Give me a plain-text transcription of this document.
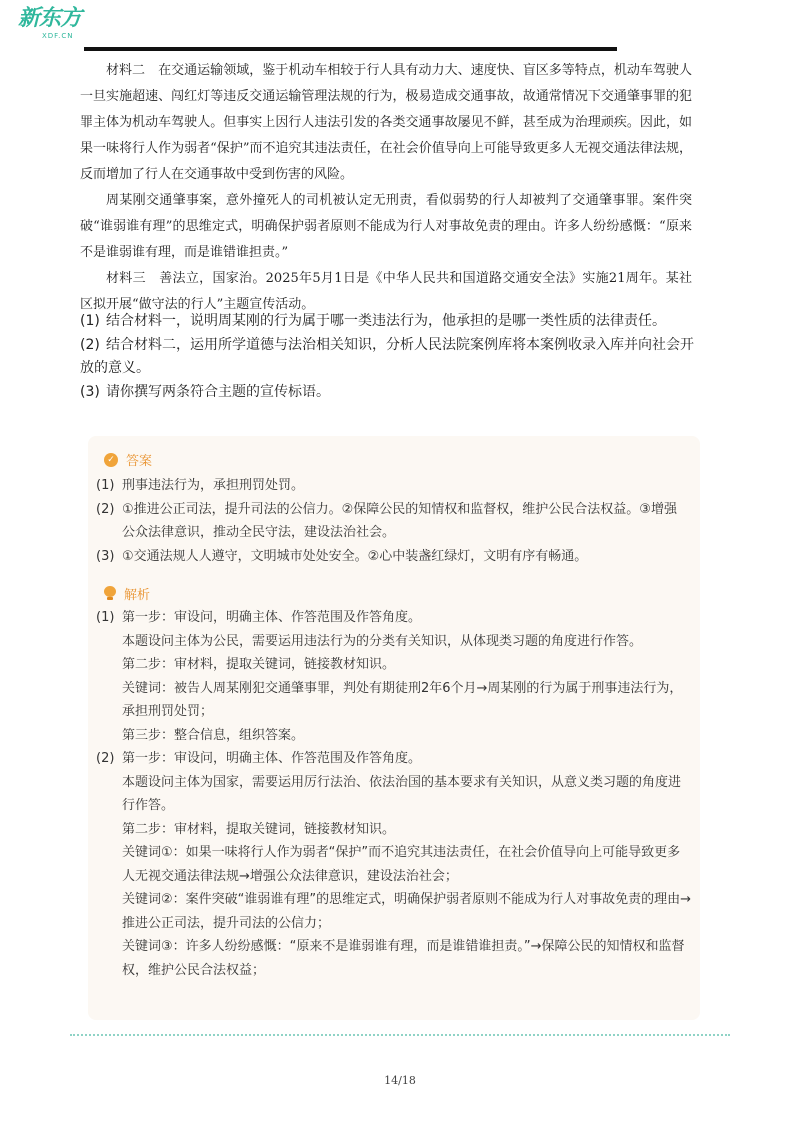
新东方
XDF.CN

材料二　在交通运输领域，鉴于机动车相较于行人具有动力大、速度快、盲区多等特点，机动车驾驶人一旦实施超速、闯红灯等违反交通运输管理法规的行为，极易造成交通事故，故通常情况下交通肇事罪的犯罪主体为机动车驾驶人。但事实上因行人违法引发的各类交通事故屡见不鲜，甚至成为治理顽疾。因此，如果一味将行人作为弱者“保护”而不追究其违法责任，在社会价值导向上可能导致更多人无视交通法律法规，反而增加了行人在交通事故中受到伤害的风险。

周某刚交通肇事案，意外撞死人的司机被认定无刑责，看似弱势的行人却被判了交通肇事罪。案件突破“谁弱谁有理”的思维定式，明确保护弱者原则不能成为行人对事故免责的理由。许多人纷纷感慨：“原来不是谁弱谁有理，而是谁错谁担责。”

材料三　善法立，国家治。2025年5月1日是《中华人民共和国道路交通安全法》实施21周年。某社区拟开展“做守法的行人”主题宣传活动。

(1) 结合材料一，说明周某刚的行为属于哪一类违法行为，他承担的是哪一类性质的法律责任。

(2) 结合材料二，运用所学道德与法治相关知识，分析人民法院案例库将本案例收录入库并向社会开放的意义。

(3) 请你撰写两条符合主题的宣传标语。

✓ 答案
(1) 刑事违法行为，承担刑罚处罚。
(2) ①推进公正司法，提升司法的公信力。②保障公民的知情权和监督权，维护公民合法权益。③增强公众法律意识，推动全民守法，建设法治社会。
(3) ①交通法规人人遵守，文明城市处处安全。②心中装盏红绿灯，文明有序有畅通。
解析
(1) 第一步：审设问，明确主体、作答范围及作答角度。

本题设问主体为公民，需要运用违法行为的分类有关知识，从体现类习题的角度进行作答。

第二步：审材料，提取关键词，链接教材知识。

关键词：被告人周某刚犯交通肇事罪，判处有期徒刑2年6个月→周某刚的行为属于刑事违法行为，承担刑罚处罚；

第三步：整合信息，组织答案。

(2) 第一步：审设问，明确主体、作答范围及作答角度。

本题设问主体为国家，需要运用厉行法治、依法治国的基本要求有关知识，从意义类习题的角度进行作答。

第二步：审材料，提取关键词，链接教材知识。

关键词①：如果一味将行人作为弱者“保护”而不追究其违法责任，在社会价值导向上可能导致更多人无视交通法律法规→增强公众法律意识，建设法治社会；

关键词②：案件突破“谁弱谁有理”的思维定式，明确保护弱者原则不能成为行人对事故免责的理由→推进公正司法，提升司法的公信力；

关键词③：许多人纷纷感慨：“原来不是谁弱谁有理，而是谁错谁担责。”→保障公民的知情权和监督权，维护公民合法权益；

14/18
